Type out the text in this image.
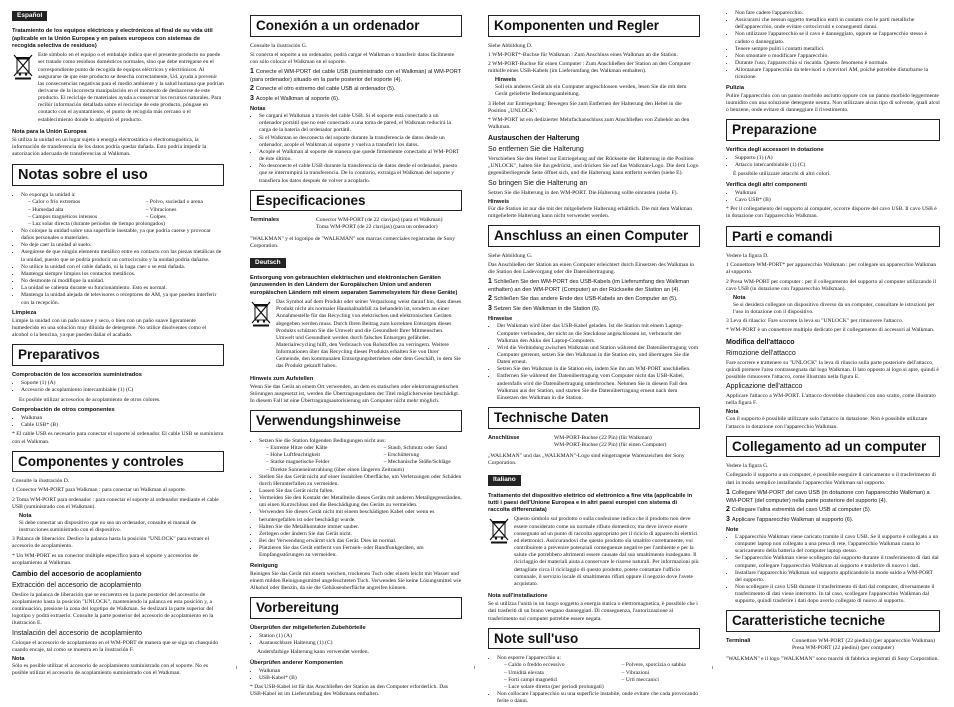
Español
Tratamiento de los equipos eléctricos y electrónicos al final de su vida útil (aplicable en la Unión Europea y en países europeos con sistemas de recogida selectiva de residuos)

Este símbolo en el equipo o el embalaje indica que el presente producto no puede ser tratado como residuos domésticos normales, sino que debe entregarse en el correspondiente punto de recogida de equipos eléctricos y electrónicos. Al asegurarse de que este producto se desecha correctamente, Ud. ayuda a prevenir las consecuencias negativas para el medio ambiente y la salud humana que podrían derivarse de la incorrecta manipulación en el momento de deshacerse de este producto. El reciclaje de materiales ayuda a conservar los recursos naturales. Para recibir información detallada sobre el reciclaje de este producto, póngase en contacto con el ayuntamiento, el punto de recogida más cercano o el establecimiento donde lo adquirió el producto.

Nota para la Unión Europea

Si utiliza la unidad en un lugar sujeto a energía electrostática o electromagnética, la información de transferencia de los datos podría quedar dañada. Esto podría impedir la autorización adecuada de transferencias al Walkman.

Notas sobre el uso
• No exponga la unidad a:
– Calor o frío extremos	– Polvo, suciedad o arena
– Humedad alta	– Vibraciones
– Campos magnéticos intensos	– Golpes
– Luz solar directa (durante periodos de tiempo prolongados)
• No coloque la unidad sobre una superficie inestable, ya que podría caerse y provocar daños personales o materiales.
• No deje caer la unidad al suelo.
• Asegúrese de que ningún elemento metálico entre en contacto con las piezas metálicas de la unidad, puesto que se podría producir un cortocircuito y la unidad podría dañarse.
• No utilice la unidad con el cable dañado, ni la haga caer o se está dañada.
• Mantenga siempre limpios los contactos metálicos.
• No desmonte ni modifique la unidad.
• La unidad se calienta durante su funcionamiento. Esto es normal.
• Mantenga la unidad alejada de televisores o receptores de AM, ya que pueden interferir con la recepción.
Limpieza

Limpie la unidad con un paño suave y seco, o bien con un paño suave ligeramente humedecido en una solución muy diluida de detergente. No utilice disolventes como el alcohol o la bencina, ya que pueden dañar el acabado.

Preparativos
Comprobación de los accesorios suministrados
• Soporte (1) (A)
• Accesorio de acoplamiento intercambiable (1) (C)

Es posible utilizar accesorios de acoplamiento de otros colores.

Comprobación de otros componentes
• Walkman
• Cable USB* (B)

* El cable USB es necesario para conectar el soporte al ordenador. El cable USB se suministra con el Walkman.

Componentes y controles

Consulte la ilustración D.

1 Conector WM-PORT para Walkman : para conectar un Walkman al soporte.

2 Toma WM-PORT para ordenador : para conectar el soporte al ordenador mediante el cable USB (suministrado con el Walkman).

Nota

Si debe conectar un dispositivo que no sea un ordenador, consulte el manual de instrucciones suministrado con el dispositivo.

3 Palanca de liberación: Deslice la palanca hasta la posición "UNLOCK" para extraer el accesorio de acoplamiento.

* Un WM-PORT es un conector múltiple específico para el soporte y accesorios de acoplamiento al Walkman.

Cambio del accesorio de acoplamiento
Extracción del accesorio de acoplamiento

Deslice la palanca de liberación que se encuentra en la parte posterior del accesorio de acoplamiento hasta la posición "UNLOCK", manteniendo la palanca en esta posición y, a continuación, presione la zona del logotipo de Walkman. Se deslizará la parte superior del logotipo y podrá extraerlo. Consulte la parte posterior del accesorio de acoplamiento en la ilustración E.

Instalación del accesorio de acoplamiento

Coloque el accesorio de acoplamiento en el WM-PORT de manera que se siga un chasquido cuando encaje, tal como se muestra en la ilustración F.

Nota

Sólo es posible utilizar el accesorio de acoplamiento suministrado con el soporte. No es posible utilizar el accesorio de acoplamiento suministrado con el Walkman.

Conexión a un ordenador

Consulte la ilustración G.

Si conecta el soporte a un ordenador, podrá cargar el Walkman o transferir datos fácilmente con sólo colocar el Walkman en el soporte.

1 Conecte el WM-PORT del cable USB (suministrado con el Walkman) al WM-PORT (para ordenador) situado en la parte posterior del soporte (4).
2 Conecte el otro extremo del cable USB al ordenador (5).
3 Acople el Walkman al soporte (6).
Notas
• Se cargará el Walkman a través del cable USB. Si el soporte está conectado a un ordenador portátil que no esté conectado a una toma de pared, el Walkman reducirá la carga de la batería del ordenador portátil.
• Si el Walkman se desconecta del soporte durante la transferencia de datos desde un ordenador, acople el Walkman al soporte y vuelva a transferir los datos.
• Acople el Walkman al soporte de manera que quede firmemente conectado al WM-PORT de éste último.
• No desconecte el cable USB durante la transferencia de datos desde el ordenador, puesto que se interrumpirá la transferencia. De lo contrario, extraiga el Walkman del soporte y transfiera los datos después de volver a acoplarlo.
Especificaciones
Terminales	Conector WM-PORT (de 22 clavijas) (para el Walkman)
Toma WM-PORT (de 22 clavijas) (para un ordenador)

"WALKMAN" y el logotipo de "WALKMAN" son marcas comerciales registradas de Sony Corporation.

Deutsch
Entsorgung von gebrauchten elektrischen und elektronischen Geräten (anzuwenden in den Ländern der Europäischen Union und anderen europäischen Ländern mit einem separaten Sammelsystem für diese Geräte)

Das Symbol auf dem Produkt oder seiner Verpackung weist darauf hin, dass dieses Produkt nicht als normaler Haushaltsabfall zu behandeln ist, sondern an einer Annahmestelle für das Recycling von elektrischen und elektronischen Geräten abgegeben werden muss. Durch Ihren Beitrag zum korrekten Entsorgen dieses Produkts schützen Sie die Umwelt und die Gesundheit Ihrer Mitmenschen. Umwelt und Gesundheit werden durch falsches Entsorgen gefährdet. Materialrecycling hilft, den Verbrauch von Rohstoffen zu verringern. Weitere Informationen über das Recycling dieses Produkts erhalten Sie von Ihrer Gemeinde, den kommunalen Entsorgungsbetrieben oder dem Geschäft, in dem Sie das Produkt gekauft haben.

Hinweis zum Aufstellen

Wenn Sie das Gerät an einem Ort verwenden, an dem es statischen oder elektromagnetischen Störungen ausgesetzt ist, werden die Übertragungsdaten der Titel möglicherweise beschädigt. In diesem Fall ist eine Übertragungsautorisierung am Computer nicht mehr möglich.

Verwendungshinweise
• Setzen Sie die Station folgenden Bedingungen nicht aus:
– Extreme Hitze oder Kälte	– Staub, Schmutz oder Sand
– Hohe Luftfeuchtigkeit	– Erschütterung
– Starke magnetische Felder	– Mechanische Stöße/Schläge
– Direkte Sonneneinstrahlung (über einen längeren Zeitraum)
• Stellen Sie das Gerät nicht auf einer instabilen Oberfläche, um Verletzungen oder Schäden durch Herunterfallen zu vermeiden.
• Lassen Sie das Gerät nicht fallen.
• Vermeiden Sie den Kontakt der Metallteile dieses Geräts mit anderen Metallgegenständen, um einen Kurzschluss und die Beschädigung des Geräts zu vermeiden.
• Verwenden Sie dieses Gerät nicht mit einem beschädigten Kabel oder wenn es heruntergefallen ist oder beschädigt wurde.
• Halten Sie die Metallkontakte immer sauber.
• Zerlegen oder ändern Sie das Gerät nicht.
• Bei der Verwendung erwärmt sich das Gerät. Dies ist normal.
• Platzieren Sie das Gerät entfernt von Fernseh- oder Rundfunkgeräten, um Empfangsstörungen zu vermeiden.
Reinigung

Reinigen Sie das Gerät mit einem weichen, trockenen Tuch oder einem leicht mit Wasser und einem milden Reinigungsmittel angefeuchteten Tuch. Verwenden Sie keine Lösungsmittel wie Alkohol oder Benzin, da sie die Gehäuseoberfläche angreifen können.

Vorbereitung
Überprüfen der mitgelieferten Zubehörteile
• Station (1) (A)
• Austauschbare Halterung (1) (C)

Andersfarbige Halterung kann verwendet werden.

Überprüfen anderer Komponenten
• Walkman
• USB-Kabel* (B)

* Das USB-Kabel ist für das Anschließen der Station an den Computer erforderlich. Das USB-Kabel ist im Lieferumfang des Walkmans enthalten.

Komponenten und Regler

Siehe Abbildung D.

1 WM-PORT*-Buchse für Walkman : Zum Anschluss eines Walkman an die Station.

2 WM-PORT-Buchse für einen Computer : Zum Anschließen der Station an den Computer mithilfe eines USB-Kabels (im Lieferumfang des Walkman enthalten).

Hinweis

Soll ein anderes Gerät als ein Computer angeschlossen werden, lesen Sie die mit dem Gerät gelieferte Bedienungsanleitung.

3 Hebel zur Entriegelung: Bewegen Sie zum Entfernen der Halterung den Hebel in die Position „UNLOCK".

* WM-PORT ist ein dedizierter Mehrfachanschluss zum Anschließen von Zubehör an den Walkman.

Austauschen der Halterung
So entfernen Sie die Halterung

Verschieben Sie den Hebel zur Entriegelung auf der Rückseite der Halterung in die Position „UNLOCK", halten Sie ihn gedrückt, und drücken Sie auf das Walkman-Logo. Die dem Logo gegenüberliegende Seite öffnet sich, und die Halterung kann entfernt werden (siehe E).

So bringen Sie die Halterung an

Setzen Sie die Halterung in den WM-PORT. Die Halterung sollte einrasten (siehe F).

Hinweis

Für die Station ist nur die mit der mitgelieferte Halterung erhältlich. Die mit dem Walkman mitgelieferte Halterung kann nicht verwendet werden.

Anschluss an einen Computer

Siehe Abbildung G.

Das Anschließen der Station an einen Computer erleichtert durch Einsetzen des Walkman in die Station den Ladevorgang oder die Datenübertragung.

1 Schließen Sie den WM-PORT des USB-Kabels (im Lieferumfang des Walkman enthalten) an den WM-PORT (Computer) an der Rückseite der Station an (4).
2 Schließen Sie das andere Ende des USB-Kabels an den Computer an (5).
3 Setzen Sie den Walkman in die Station (6).
Hinweise
• Der Walkman wird über das USB-Kabel geladen. Ist die Station mit einem Laptop-Computer verbunden, der nicht an die Steckdose angeschlossen ist, verbraucht der Walkman den Akku des Laptop-Computers.
• Wird die Verbindung zwischen Walkman und Station während der Datenübertragung vom Computer getrennt, setzen Sie den Walkman in die Station ein, und übertragen Sie die Daten erneut.
• Setzen Sie den Walkman in die Station ein, indem Sie ihn am WM-PORT anschließen.
• Entfernen Sie während der Datenübertragung vom Computer nicht das USB-Kabel, andernfalls wird die Datenübertragung unterbrochen. Nehmen Sie in diesem Fall den Walkman aus der Station, und starten Sie die Datenübertragung erneut nach dem Einsetzen des Walkman in die Station.
Technische Daten
Anschlüsse	WM-PORT-Buchse (22 Pin) (für Walkman)
WM-PORT-Buchse (22 Pin) (für einen Computer)

„WALKMAN" und das „WALKMAN"-Logo sind eingetragene Warenzeichen der Sony Corporation.

Italiano
Trattamento del dispositivo elettrico od elettronico a fine vita (applicabile in tutti i paesi dell'Unione Europea e in altri paesi europei con sistema di raccolta differenziata)

Questo simbolo sul prodotto o sulla confezione indica che il prodotto non deve essere considerato come un normale rifiuto domestico, ma deve invece essere consegnato ad un punto di raccolta appropriato per il riciclo di apparecchi elettrici ed elettronici. Assicurandovi che questo prodotto sia smaltito correttamente, voi contribuirete a prevenire potenziali conseguenze negative per l'ambiente e per la salute che potrebbero altrimenti essere causate dal suo smaltimento inadeguato. Il riciclaggio dei materiali aiuta a conservare le risorse naturali. Per informazioni più dettagliate circa il riciclaggio di questo prodotto, potete contattare l'ufficio comunale, il servizio locale di smaltimento rifiuti oppure il negozio dove l'avete acquistato.

Nota sull'installazione

Se si utilizza l'unità in un luogo soggetto a energia statica o elettromagnetica, è possibile che i dati trasferiti di un brano vengano danneggiati. Di conseguenza, l'autorizzazione al trasferimento sul computer potrebbe essere negata.

Note sull'uso
• Non esporre l'apparecchio a:
– Caldo o freddo eccessivo	– Polvere, sporcizia o sabbia
– Umidità elevata	– Vibrazioni
– Forti campi magnetici	– Urti meccanici
– Luce solare diretta (per periodi prolungati)
• Non collocare l'apparecchio su una superficie instabile, onde evitare che cada provocando ferite o danni.
• Non fare cadere l'apparecchio.
• Assicurarsi che nessun oggetto metallico entri in contatto con le parti metalliche dell'apparecchio, onde evitare cortocircuiti e conseguenti danni.
• Non utilizzare l'apparecchio se il cavo è danneggiato, oppure se l'apparecchio stesso è caduto o danneggiato.
• Tenere sempre puliti i contatti metallici.
• Non smontare o modificare l'apparecchio.
• Durante l'uso, l'apparecchio si riscalda. Questo fenomeno è normale.
• Allontanare l'apparecchio da televisori o ricevitori AM, poiché potrebbe disturbarne la ricezione.
Pulizia

Pulire l'apparecchio con un panno morbido asciutto oppure con un panno morbido leggermente inumidito con una soluzione detergente neutra. Non utilizzare alcun tipo di solvente, quali alcol o benzene, onde evitare di danneggiare il rivestimento.

Preparazione
Verifica degli accessori in dotazione
• Supporto (1) (A)
• Attacco intercambiabile (1) (C)

È possibile utilizzare attacchi di altri colori.

Verifica degli altri componenti
• Walkman
• Cavo USB* (B)

* Per il collegamento del supporto al computer, occorre disporre del cavo USB. Il cavo USB è in dotazione con l'apparecchio Walkman.

Parti e comandi

Vedere la figura D.

1 Connettore WM-PORT* per apparecchio Walkman : per collegare un apparecchio Walkman al supporto.

2 Presa WM-PORT per computer : per il collegamento del supporto al computer utilizzando il cavo USB (in dotazione con l'apparecchio Walkman).

Nota

Se si desidera collegare un dispositivo diverso da un computer, consultare le istruzioni per l'uso in dotazione con il dispositivo.

3 Leva di rilascio: Fare scorrere la leva su "UNLOCK" per rimuovere l'attacco.

* WM-PORT è un connettore multiplo dedicato per il collegamento di accessori al Walkman.

Modifica dell'attacco
Rimozione dell'attacco

Fare scorrere e trattenere su "UNLOCK" la leva di rilascio sulla parte posteriore dell'attacco, quindi premere l'area contrassegnata dal logo Walkman. Il lato opposto al logo si apre, quindi è possibile rimuovere l'attacco, come illustrato nella figura E.

Applicazione dell'attacco

Applicare l'attacco a WM-PORT. L'attacco dovrebbe chiudersi con uno scatto, come illustrato nella figura F.

Nota

Con il supporto è possibile utilizzare solo l'attacco in dotazione. Non è possibile utilizzare l'attacco in dotazione con l'apparecchio Walkman.

Collegamento ad un computer

Vedere la figura G.

Collegando il supporto a un computer, è possibile eseguire il caricamento o il trasferimento di dati in modo semplice installando l'apparecchio Walkman sul supporto.

1 Collegare WM-PORT del cavo USB (in dotazione con l'apparecchio Walkman) a WM-PORT (del computer) nella parte posteriore del supporto (4).
2 Collegare l'altra estremità del cavo USB al computer (5).
3 Applicare l'apparecchio Walkman al supporto (6).
Note
• L'apparecchio Walkman viene caricato tramite il cavo USB. Se il supporto è collegato a un computer laptop non collegato a una presa di rete, l'apparecchio Walkman causa lo scaricamento della batteria del computer laptop stesso.
• Se l'apparecchio Walkman viene scollegato dal supporto durante il trasferimento di dati dal computer, collegare l'apparecchio Walkman al supporto e trasferire di nuovo i dati.
• Installare l'apparecchio Walkman sul supporto applicandolo in modo saldo a WM-PORT del supporto.
• Non scollegare il cavo USB durante il trasferimento di dati dal computer, diversamente il trasferimento di dati viene interrotto. In tal caso, scollegare l'apparecchio Walkman dal supporto, quindi trasferire i dati dopo averlo collegato di nuovo al supporto.
Caratteristiche tecniche
Terminali	Connettore WM-PORT (22 piedini) (per apparecchio Walkman)
Presa WM-PORT (22 piedini) (per computer)

"WALKMAN" e il logo "WALKMAN" sono marchi di fabbrica registrati di Sony Corporation.
